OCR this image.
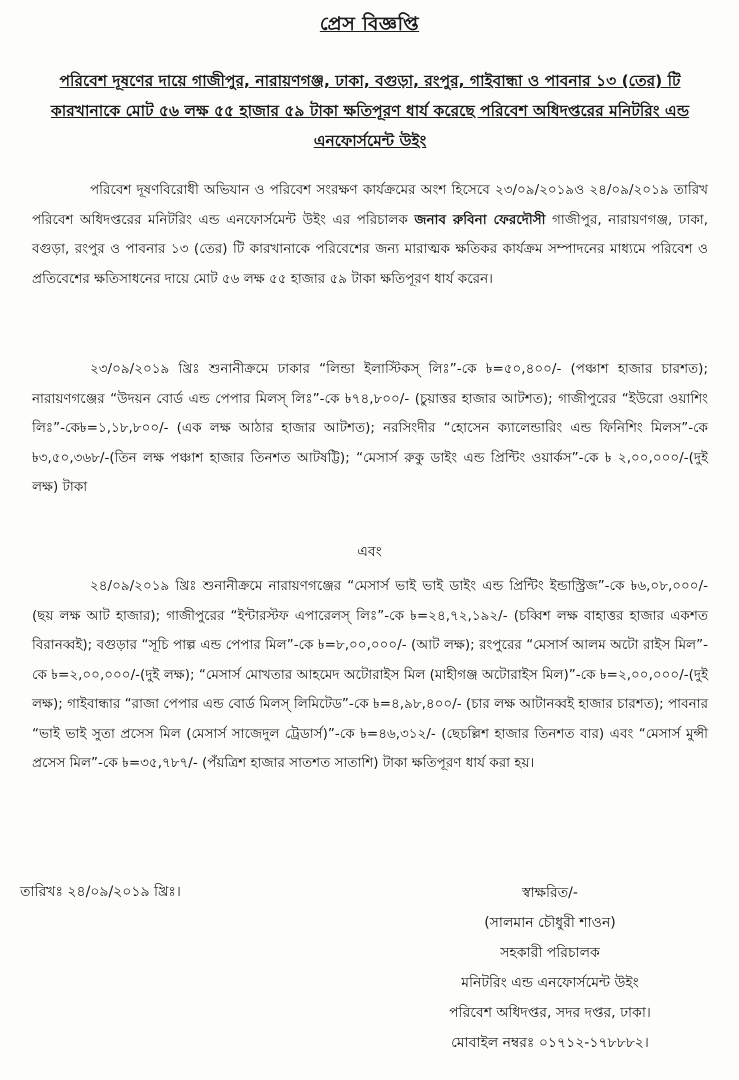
প্রেস বিজ্ঞপ্তি
পরিবেশ দূষণের দায়ে গাজীপুর, নারায়ণগঞ্জ, ঢাকা, বগুড়া, রংপুর, গাইবান্ধা ও পাবনার ১৩ (তের) টি কারখানাকে মোট ৫৬ লক্ষ ৫৫ হাজার ৫৯ টাকা ক্ষতিপূরণ ধার্য করেছে পরিবেশ অধিদপ্তরের মনিটরিং এন্ড এনফোর্সমেন্ট উইং
পরিবেশ দূষণবিরোধী অভিযান ও পরিবেশ সংরক্ষণ কার্যক্রমের অংশ হিসেবে ২৩/০৯/২০১৯ও ২৪/০৯/২০১৯ তারিখ পরিবেশ অধিদপ্তরের মনিটরিং এন্ড এনফোর্সমেন্ট উইং এর পরিচালক জনাব রুবিনা ফেরদৌসী গাজীপুর, নারায়ণগঞ্জ, ঢাকা, বগুড়া, রংপুর ও পাবনার ১৩ (তের) টি কারখানাকে পরিবেশের জন্য মারাত্মক ক্ষতিকর কার্যক্রম সম্পাদনের মাধ্যমে পরিবেশ ও প্রতিবেশের ক্ষতিসাধনের দায়ে মোট ৫৬ লক্ষ ৫৫ হাজার ৫৯ টাকা ক্ষতিপূরণ ধার্য করেন।
২৩/০৯/২০১৯ খ্রিঃ শুনানীক্রমে ঢাকার “লিন্ডা ইলাস্টিকস্ লিঃ”-কে ৳=৫০,৪০০/- (পঞ্চাশ হাজার চারশত); নারায়ণগঞ্জের “উদয়ন বোর্ড এন্ড পেপার মিলস্ লিঃ”-কে ৳৭৪,৮০০/- (চুয়াত্তর হাজার আটশত); গাজীপুরের “ইউরো ওয়াশিং লিঃ”-কে৳=১,১৮,৮০০/- (এক লক্ষ আঠার হাজার আটশত); নরসিংদীর “হোসেন ক্যালেন্ডারিং এন্ড ফিনিশিং মিলস”-কে ৳৩,৫০,৩৬৮/-(তিন লক্ষ পঞ্চাশ হাজার তিনশত আটষট্টি); “মেসার্স রুকু ডাইং এন্ড প্রিন্টিং ওয়ার্কস”-কে ৳ ২,০০,০০০/-(দুই লক্ষ) টাকা
এবং
২৪/০৯/২০১৯ খ্রিঃ শুনানীক্রমে নারায়ণগঞ্জের “মেসার্স ভাই ভাই ডাইং এন্ড প্রিন্টিং ইন্ডাস্ট্রিজ”-কে ৳৬,০৮,০০০/- (ছয় লক্ষ আট হাজার); গাজীপুরের “ইন্টারস্টফ এপারেলস্ লিঃ”-কে ৳=২৪,৭২,১৯২/- (চব্বিশ লক্ষ বাহাত্তর হাজার একশত বিরানব্বই); বগুড়ার “সূচি পাল্প এন্ড পেপার মিল”-কে ৳=৮,০০,০০০/- (আট লক্ষ); রংপুরের “মেসার্স আলম অটো রাইস মিল”-কে ৳=২,০০,০০০/-(দুই লক্ষ); “মেসার্স মোখতার আহমেদ অটোরাইস মিল (মাহীগঞ্জ অটোরাইস মিল)”-কে ৳=২,০০,০০০/-(দুই লক্ষ); গাইবান্ধার “রাজা পেপার এন্ড বোর্ড মিলস্ লিমিটেড”-কে ৳=৪,৯৮,৪০০/- (চার লক্ষ আটানব্বই হাজার চারশত); পাবনার “ভাই ভাই সুতা প্রসেস মিল (মেসার্স সাজেদুল ট্রেডার্স)”-কে ৳=৪৬,৩১২/- (ছেচল্লিশ হাজার তিনশত বার) এবং “মেসার্স মুন্সী প্রসেস মিল”-কে ৳=৩৫,৭৮৭/- (পঁয়ত্রিশ হাজার সাতশত সাতাশি) টাকা ক্ষতিপূরণ ধার্য করা হয়।
তারিখঃ ২৪/০৯/২০১৯ খ্রিঃ।	স্বাক্ষরিত/-
(সালমান চৌধুরী শাওন)
সহকারী পরিচালক
মনিটরিং এন্ড এনফোর্সমেন্ট উইং
পরিবেশ অধিদপ্তর, সদর দপ্তর, ঢাকা।
মোবাইল নম্বরঃ ০১৭১২-১৭৮৮৮২।
